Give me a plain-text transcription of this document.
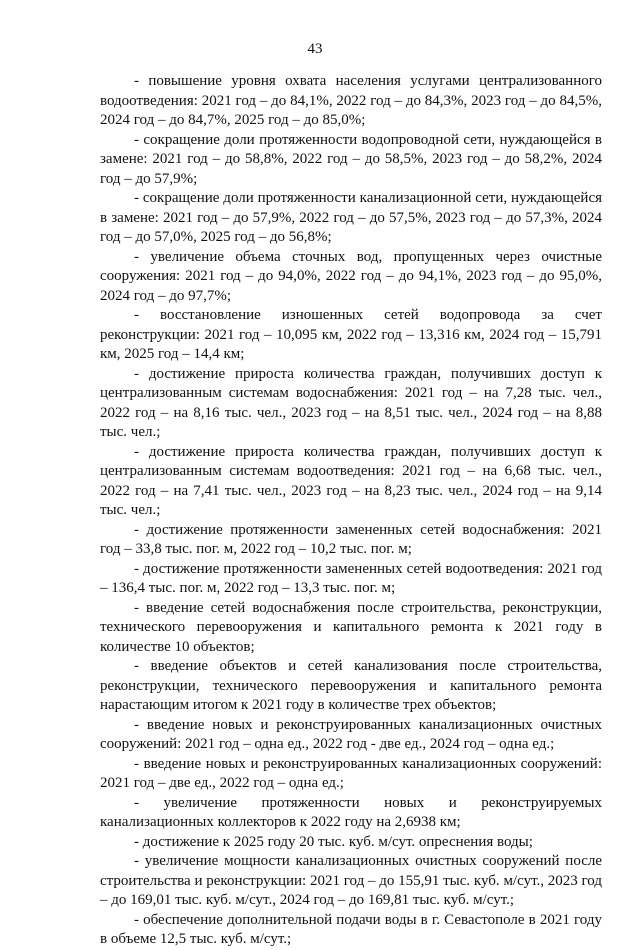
43

- повышение уровня охвата населения услугами централизованного водоотведения: 2021 год – до 84,1%, 2022 год – до 84,3%, 2023 год – до 84,5%, 2024 год – до 84,7%, 2025 год – до 85,0%;

- сокращение доли протяженности водопроводной сети, нуждающейся в замене: 2021 год – до 58,8%, 2022 год – до 58,5%, 2023 год – до 58,2%, 2024 год – до 57,9%;

- сокращение доли протяженности канализационной сети, нуждающейся в замене: 2021 год – до 57,9%, 2022 год – до 57,5%, 2023 год – до 57,3%, 2024 год – до 57,0%, 2025 год – до 56,8%;

- увеличение объема сточных вод, пропущенных через очистные сооружения: 2021 год – до 94,0%, 2022 год – до 94,1%, 2023 год – до 95,0%, 2024 год – до 97,7%;

- восстановление изношенных сетей водопровода за счет реконструкции: 2021 год – 10,095 км, 2022 год – 13,316 км, 2024 год – 15,791 км, 2025 год – 14,4 км;

- достижение прироста количества граждан, получивших доступ к централизованным системам водоснабжения: 2021 год – на 7,28 тыс. чел., 2022 год – на 8,16 тыс. чел., 2023 год – на 8,51 тыс. чел., 2024 год – на 8,88 тыс. чел.;

- достижение прироста количества граждан, получивших доступ к централизованным системам водоотведения: 2021 год – на 6,68 тыс. чел., 2022 год – на 7,41 тыс. чел., 2023 год – на 8,23 тыс. чел., 2024 год – на 9,14 тыс. чел.;

- достижение протяженности замененных сетей водоснабжения: 2021 год – 33,8 тыс. пог. м, 2022 год – 10,2 тыс. пог. м;

- достижение протяженности замененных сетей водоотведения: 2021 год – 136,4 тыс. пог. м, 2022 год – 13,3 тыс. пог. м;

- введение сетей водоснабжения после строительства, реконструкции, технического перевооружения и капитального ремонта к 2021 году в количестве 10 объектов;

- введение объектов и сетей канализования после строительства, реконструкции, технического перевооружения и капитального ремонта нарастающим итогом к 2021 году в количестве трех объектов;

- введение новых и реконструированных канализационных очистных сооружений: 2021 год – одна ед., 2022 год - две ед., 2024 год – одна ед.;

- введение новых и реконструированных канализационных сооружений: 2021 год – две ед., 2022 год – одна ед.;

- увеличение протяженности новых и реконструируемых канализационных коллекторов к 2022 году на 2,6938 км;

- достижение к 2025 году 20 тыс. куб. м/сут. опреснения воды;

- увеличение мощности канализационных очистных сооружений после строительства и реконструкции: 2021 год – до 155,91 тыс. куб. м/сут., 2023 год – до 169,01 тыс. куб. м/сут., 2024 год – до 169,81 тыс. куб. м/сут.;

- обеспечение дополнительной подачи воды в г. Севастополе в 2021 году в объеме 12,5 тыс. куб. м/сут.;
